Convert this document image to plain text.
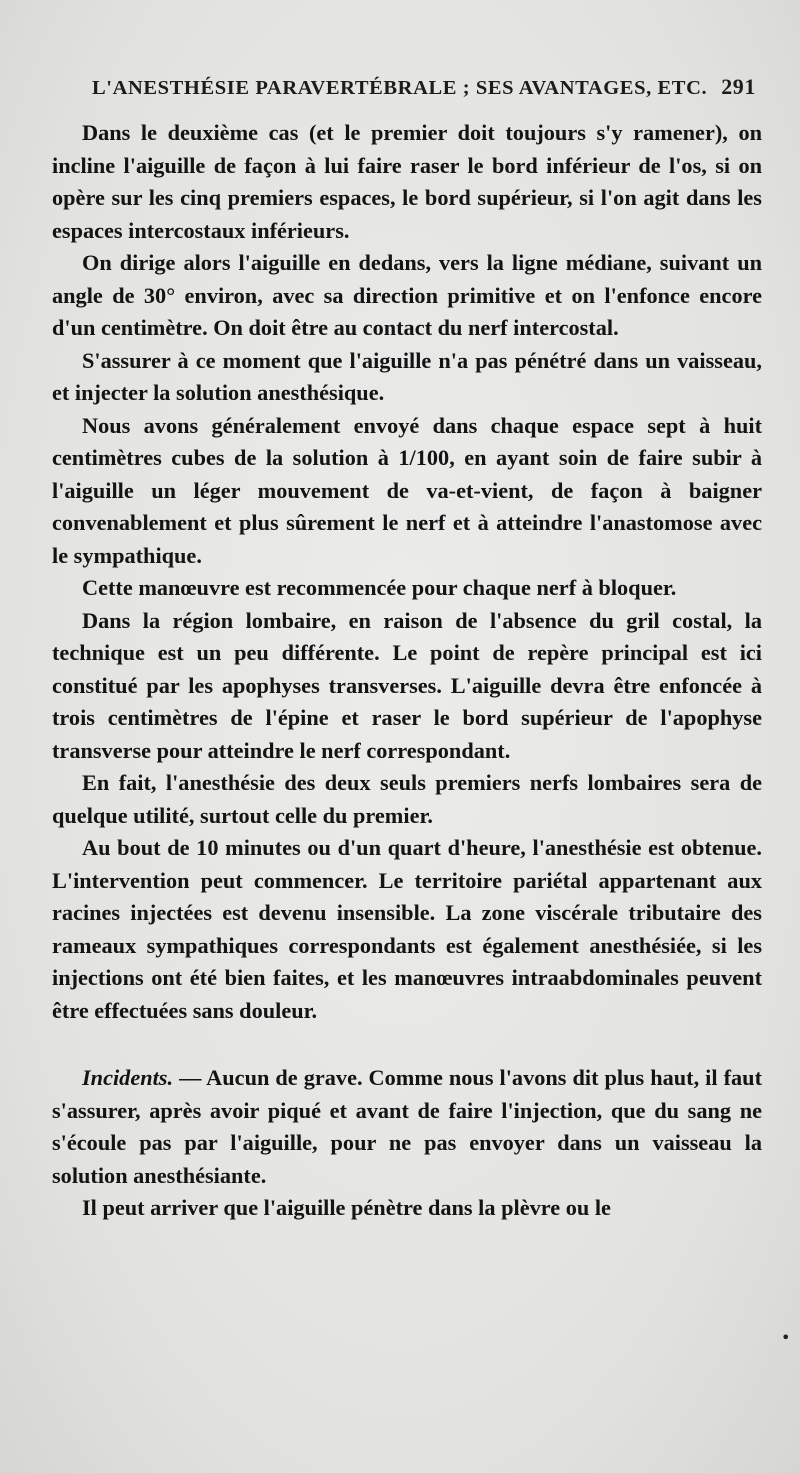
L'ANESTHÉSIE PARAVERTÉBRALE ; SES AVANTAGES, ETC. 291

Dans le deuxième cas (et le premier doit toujours s'y ramener), on incline l'aiguille de façon à lui faire raser le bord inférieur de l'os, si on opère sur les cinq premiers espaces, le bord supérieur, si l'on agit dans les espaces intercostaux inférieurs.

On dirige alors l'aiguille en dedans, vers la ligne médiane, suivant un angle de 30° environ, avec sa direction primitive et on l'enfonce encore d'un centimètre. On doit être au contact du nerf intercostal.

S'assurer à ce moment que l'aiguille n'a pas pénétré dans un vaisseau, et injecter la solution anesthésique.

Nous avons généralement envoyé dans chaque espace sept à huit centimètres cubes de la solution à 1/100, en ayant soin de faire subir à l'aiguille un léger mouvement de va-et-vient, de façon à baigner convenablement et plus sûrement le nerf et à atteindre l'anastomose avec le sympathique.

Cette manœuvre est recommencée pour chaque nerf à bloquer.

Dans la région lombaire, en raison de l'absence du gril costal, la technique est un peu différente. Le point de repère principal est ici constitué par les apophyses transverses. L'aiguille devra être enfoncée à trois centimètres de l'épine et raser le bord supérieur de l'apophyse transverse pour atteindre le nerf correspondant.

En fait, l'anesthésie des deux seuls premiers nerfs lombaires sera de quelque utilité, surtout celle du premier.

Au bout de 10 minutes ou d'un quart d'heure, l'anesthésie est obtenue. L'intervention peut commencer. Le territoire pariétal appartenant aux racines injectées est devenu insensible. La zone viscérale tributaire des rameaux sympathiques correspondants est également anesthésiée, si les injections ont été bien faites, et les manœuvres intraabdominales peuvent être effectuées sans douleur.

Incidents. — Aucun de grave. Comme nous l'avons dit plus haut, il faut s'assurer, après avoir piqué et avant de faire l'injection, que du sang ne s'écoule pas par l'aiguille, pour ne pas envoyer dans un vaisseau la solution anesthésiante.

Il peut arriver que l'aiguille pénètre dans la plèvre ou le

•
